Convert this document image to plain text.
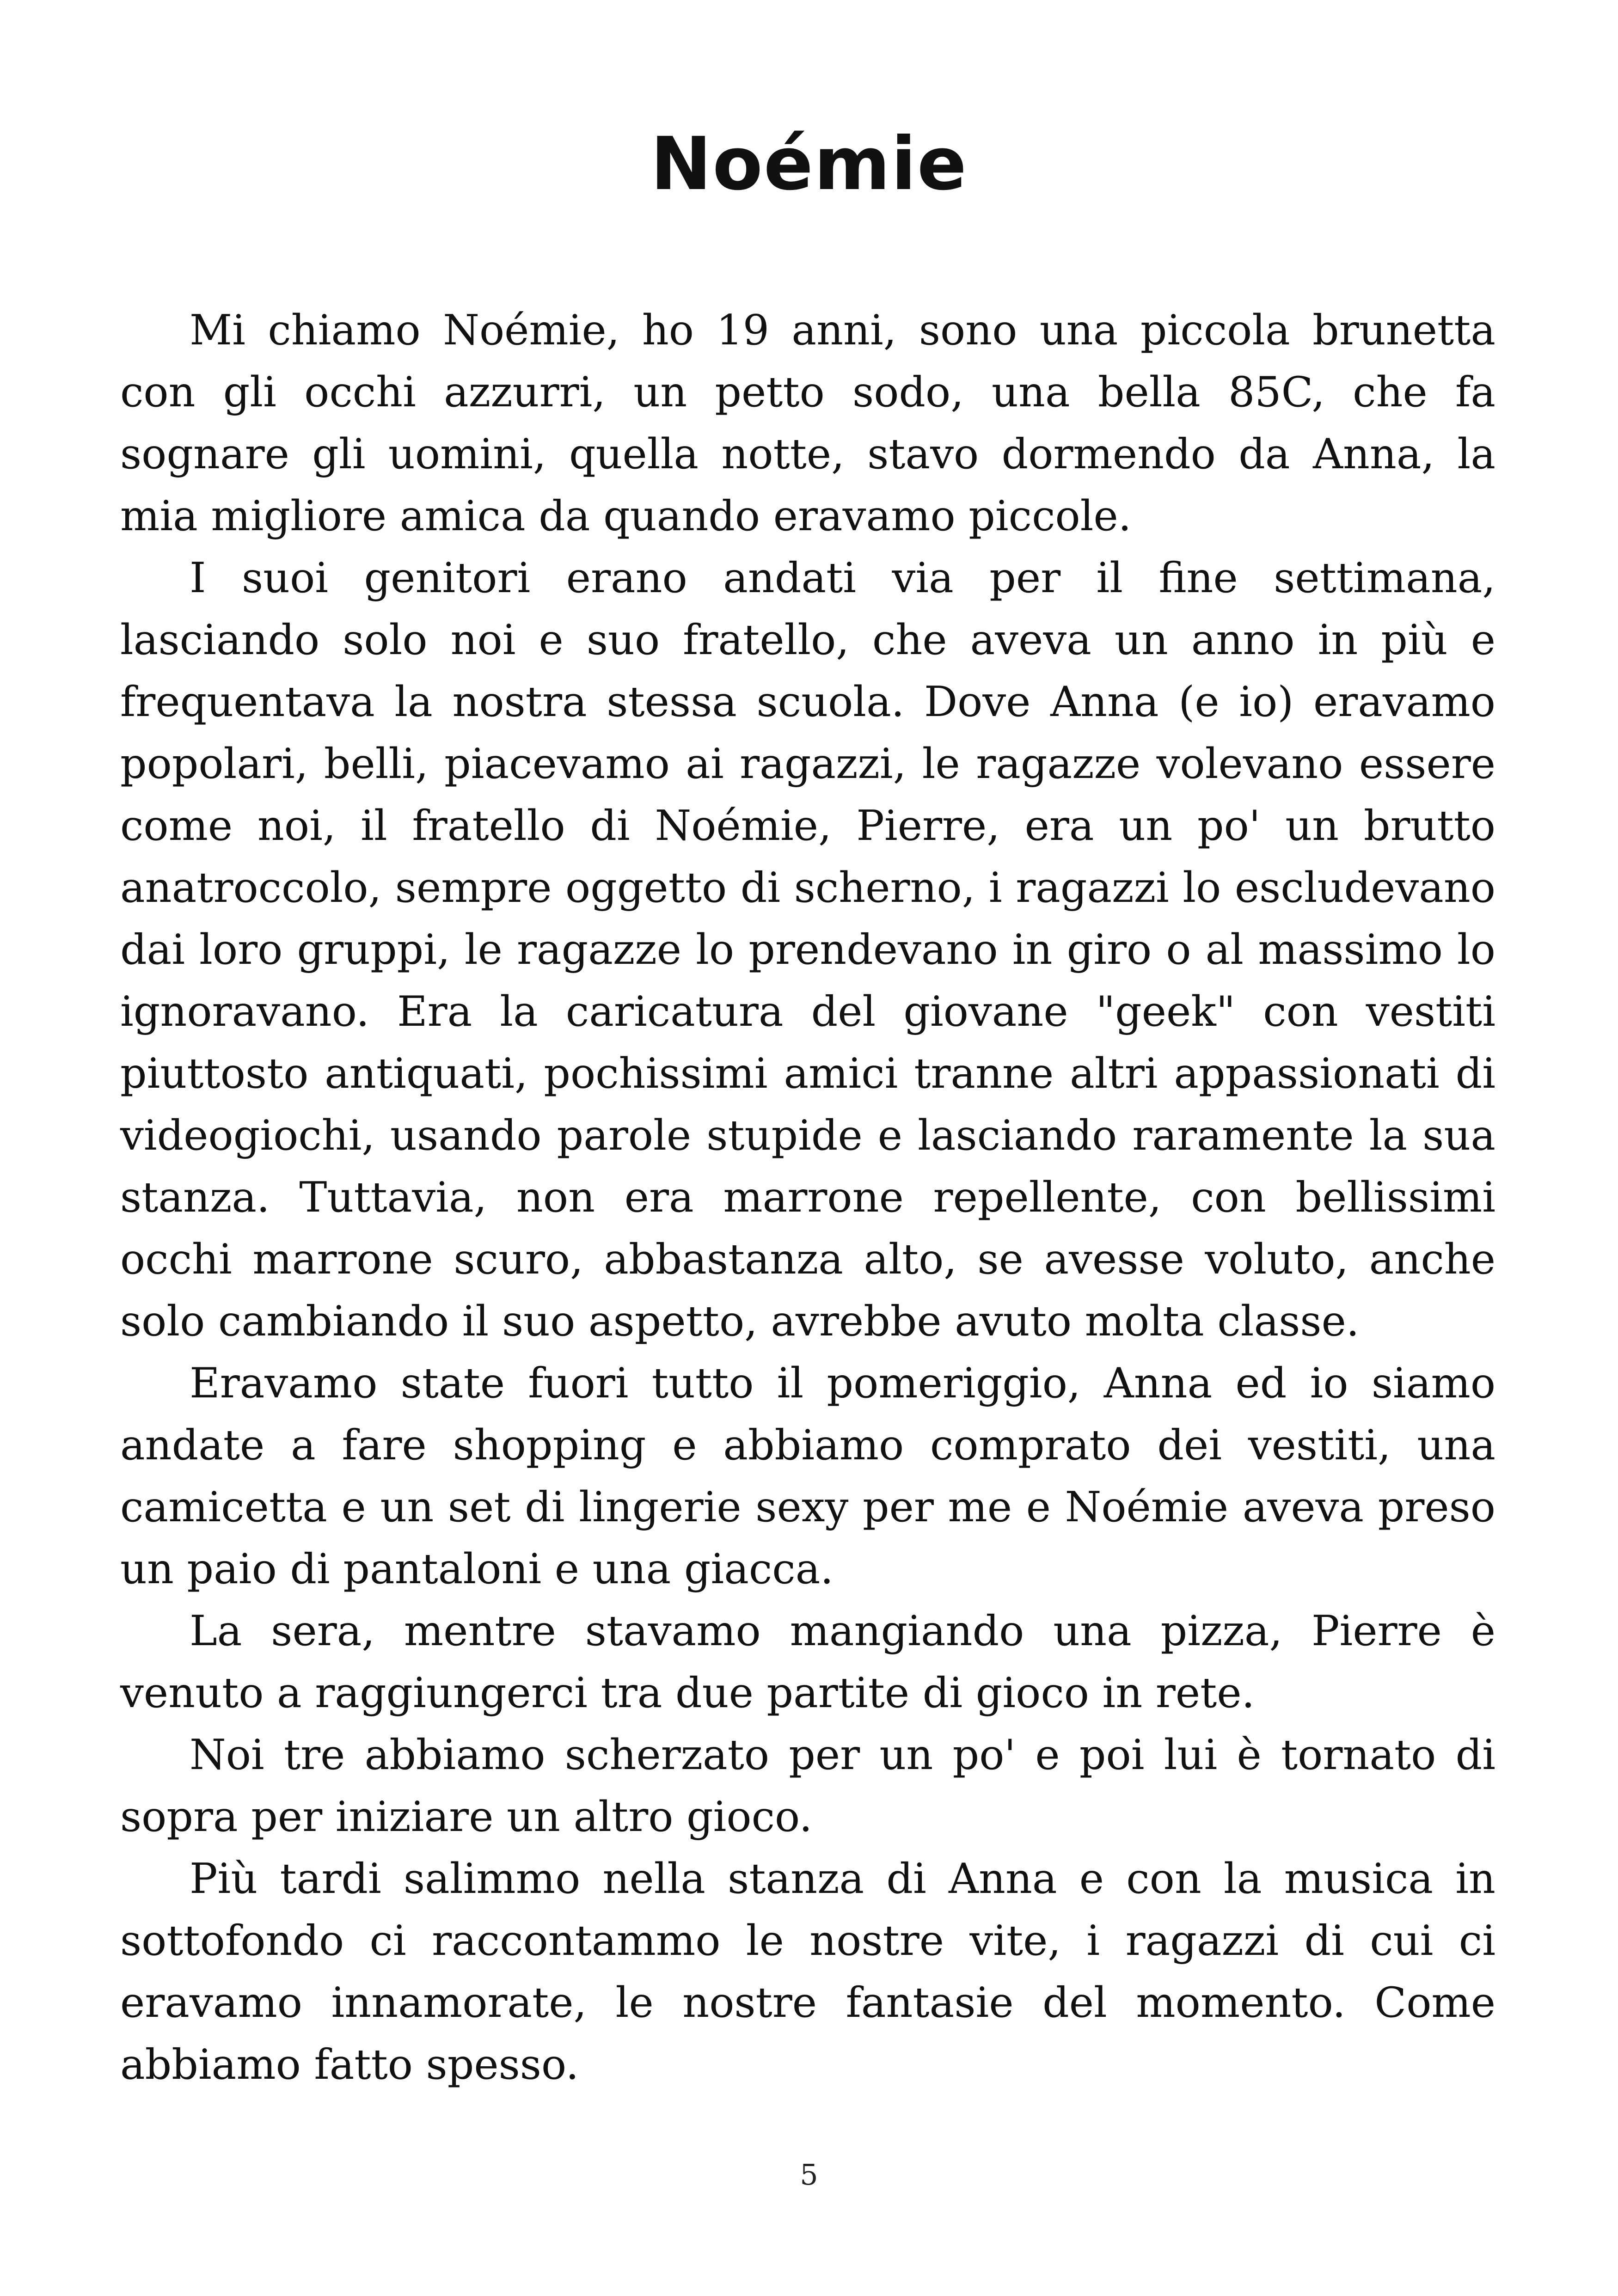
Noémie

Mi chiamo Noémie, ho 19 anni, sono una piccola brunetta con gli occhi azzurri, un petto sodo, una bella 85C, che fa sognare gli uomini, quella notte, stavo dormendo da Anna, la mia migliore amica da quando eravamo piccole.

I suoi genitori erano andati via per il fine settimana, lasciando solo noi e suo fratello, che aveva un anno in più e frequentava la nostra stessa scuola. Dove Anna (e io) eravamo popolari, belli, piacevamo ai ragazzi, le ragazze volevano essere come noi, il fratello di Noémie, Pierre, era un po' un brutto anatroccolo, sempre oggetto di scherno, i ragazzi lo escludevano dai loro gruppi, le ragazze lo prendevano in giro o al massimo lo ignoravano. Era la caricatura del giovane "geek" con vestiti piuttosto antiquati, pochissimi amici tranne altri appassionati di videogiochi, usando parole stupide e lasciando raramente la sua stanza. Tuttavia, non era marrone repellente, con bellissimi occhi marrone scuro, abbastanza alto, se avesse voluto, anche solo cambiando il suo aspetto, avrebbe avuto molta classe.

Eravamo state fuori tutto il pomeriggio, Anna ed io siamo andate a fare shopping e abbiamo comprato dei vestiti, una camicetta e un set di lingerie sexy per me e Noémie aveva preso un paio di pantaloni e una giacca.

La sera, mentre stavamo mangiando una pizza, Pierre è venuto a raggiungerci tra due partite di gioco in rete.

Noi tre abbiamo scherzato per un po' e poi lui è tornato di sopra per iniziare un altro gioco.

Più tardi salimmo nella stanza di Anna e con la musica in sottofondo ci raccontammo le nostre vite, i ragazzi di cui ci eravamo innamorate, le nostre fantasie del momento. Come abbiamo fatto spesso.

5
